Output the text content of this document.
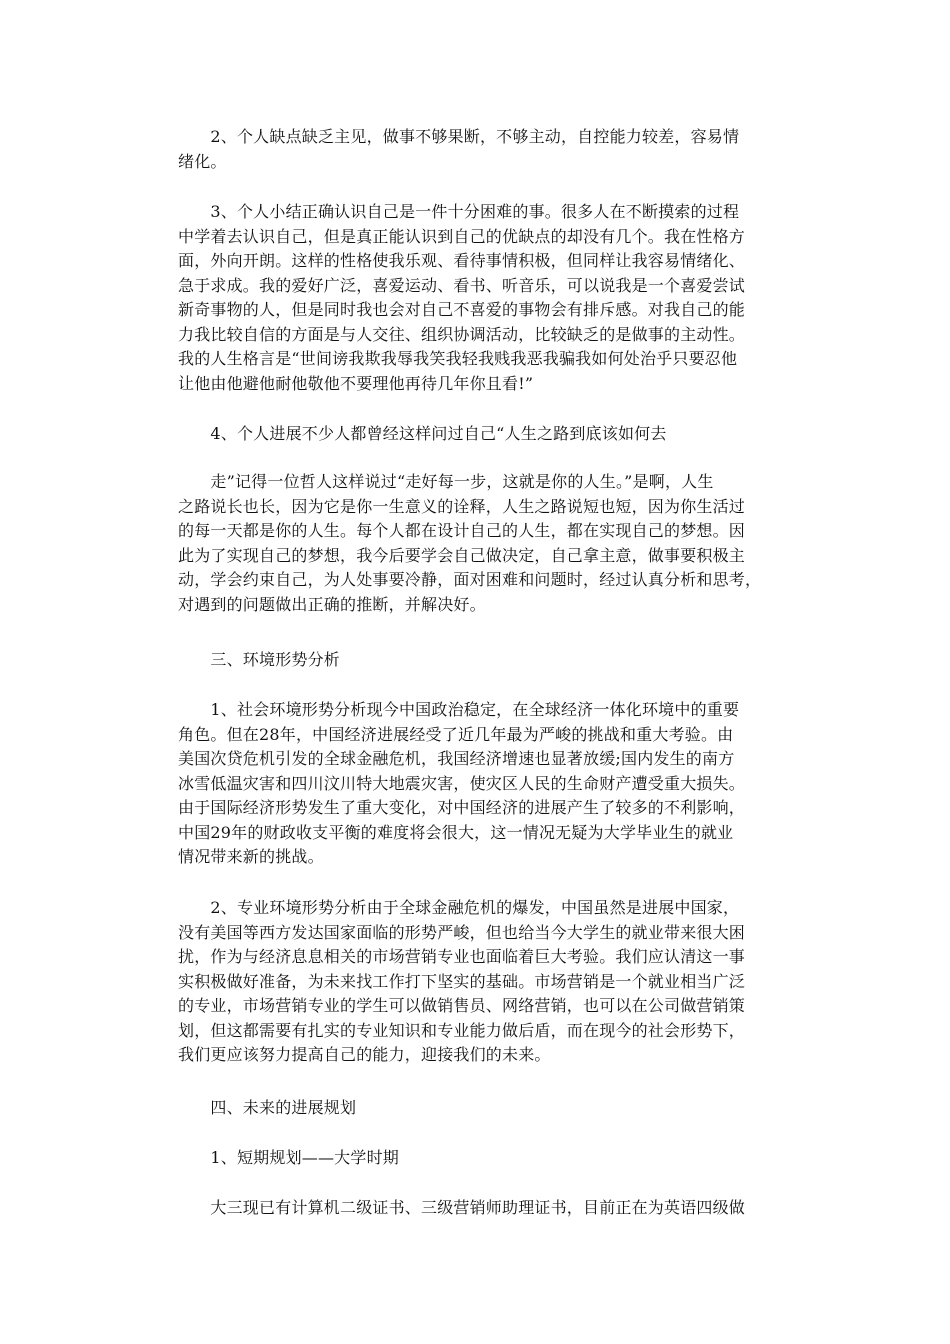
　　2、个人缺点缺乏主见，做事不够果断，不够主动，自控能力较差，容易情
绪化。

　　3、个人小结正确认识自己是一件十分困难的事。很多人在不断摸索的过程
中学着去认识自己，但是真正能认识到自己的优缺点的却没有几个。我在性格方
面，外向开朗。这样的性格使我乐观、看待事情积极，但同样让我容易情绪化、
急于求成。我的爱好广泛，喜爱运动、看书、听音乐，可以说我是一个喜爱尝试
新奇事物的人，但是同时我也会对自己不喜爱的事物会有排斥感。对我自己的能
力我比较自信的方面是与人交往、组织协调活动，比较缺乏的是做事的主动性。
我的人生格言是“世间谤我欺我辱我笑我轻我贱我恶我骗我如何处治乎只要忍他
让他由他避他耐他敬他不要理他再待几年你且看!”

　　4、个人进展不少人都曾经这样问过自己“人生之路到底该如何去

　　走”记得一位哲人这样说过“走好每一步，这就是你的人生。”是啊，人生
之路说长也长，因为它是你一生意义的诠释，人生之路说短也短，因为你生活过
的每一天都是你的人生。每个人都在设计自己的人生，都在实现自己的梦想。因
此为了实现自己的梦想，我今后要学会自己做决定，自己拿主意，做事要积极主
动，学会约束自己，为人处事要冷静，面对困难和问题时，经过认真分析和思考，
对遇到的问题做出正确的推断，并解决好。

　　三、环境形势分析

　　1、社会环境形势分析现今中国政治稳定，在全球经济一体化环境中的重要
角色。但在28年，中国经济进展经受了近几年最为严峻的挑战和重大考验。由
美国次贷危机引发的全球金融危机，我国经济增速也显著放缓;国内发生的南方
冰雪低温灾害和四川汶川特大地震灾害，使灾区人民的生命财产遭受重大损失。
由于国际经济形势发生了重大变化，对中国经济的进展产生了较多的不利影响，
中国29年的财政收支平衡的难度将会很大，这一情况无疑为大学毕业生的就业
情况带来新的挑战。

　　2、专业环境形势分析由于全球金融危机的爆发，中国虽然是进展中国家，
没有美国等西方发达国家面临的形势严峻，但也给当今大学生的就业带来很大困
扰，作为与经济息息相关的市场营销专业也面临着巨大考验。我们应认清这一事
实积极做好准备，为未来找工作打下坚实的基础。市场营销是一个就业相当广泛
的专业，市场营销专业的学生可以做销售员、网络营销，也可以在公司做营销策
划，但这都需要有扎实的专业知识和专业能力做后盾，而在现今的社会形势下，
我们更应该努力提高自己的能力，迎接我们的未来。

　　四、未来的进展规划

　　1、短期规划——大学时期

　　大三现已有计算机二级证书、三级营销师助理证书，目前正在为英语四级做
